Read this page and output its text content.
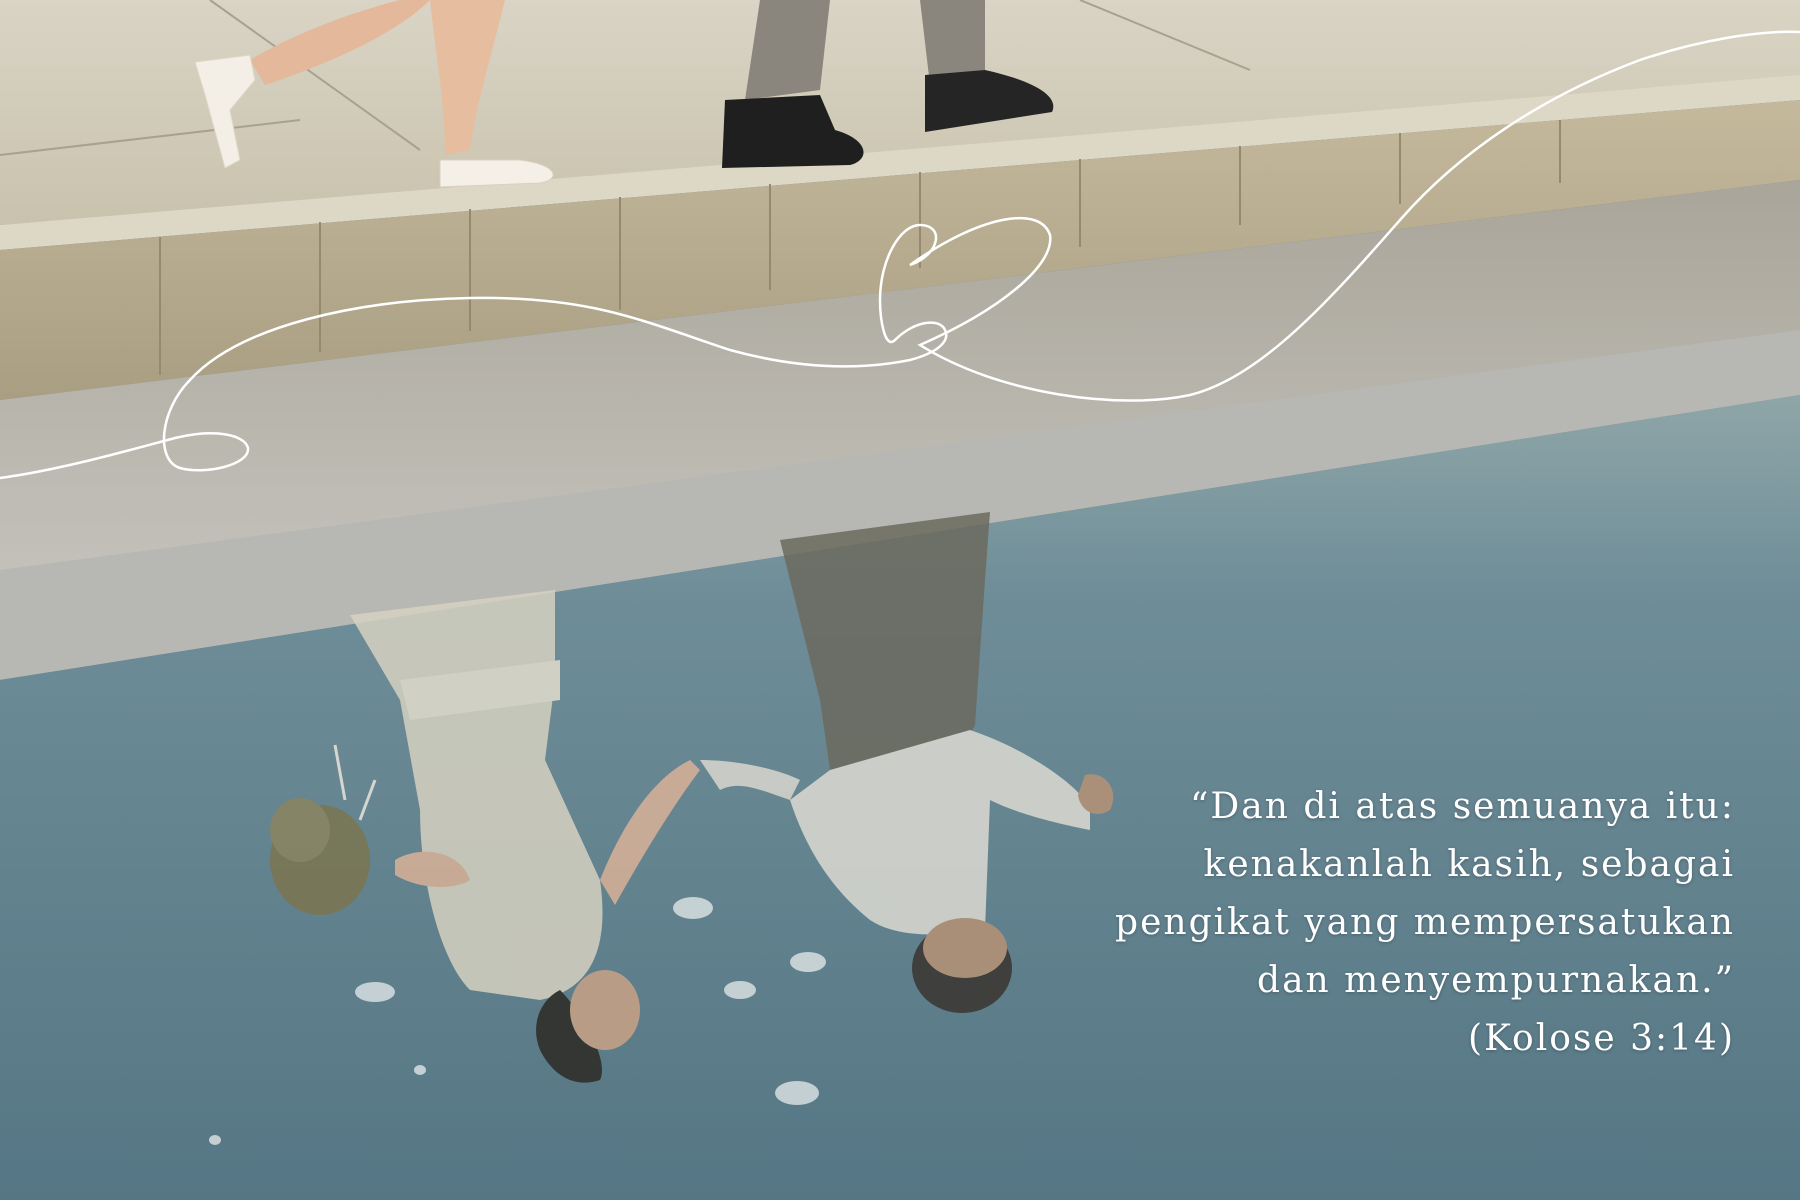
“Dan di atas semuanya itu:
kenakanlah kasih, sebagai
pengikat yang mempersatukan
dan menyempurnakan.”
(Kolose 3:14)
